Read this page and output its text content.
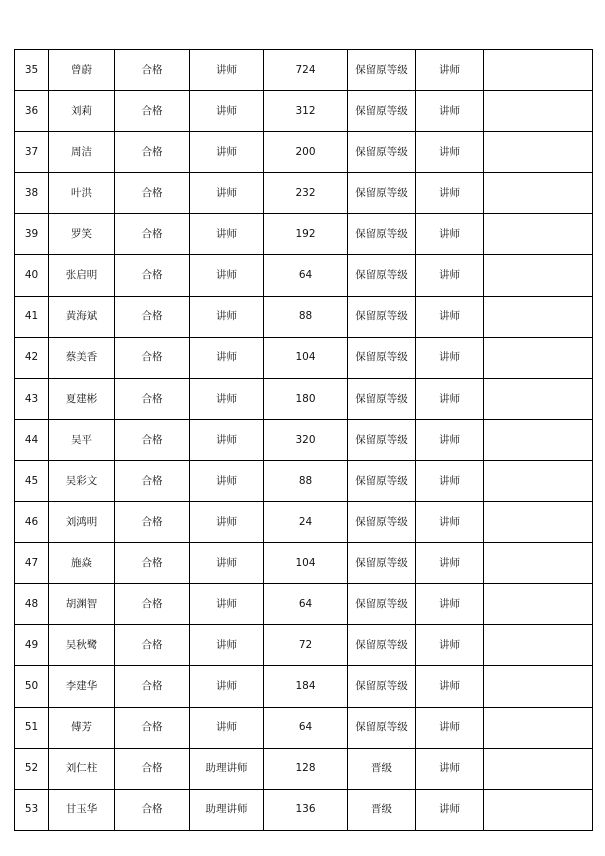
35	曾蔚	合格	讲师	724	保留原等级	讲师	
36	刘莉	合格	讲师	312	保留原等级	讲师	
37	周洁	合格	讲师	200	保留原等级	讲师	
38	叶洪	合格	讲师	232	保留原等级	讲师	
39	罗笑	合格	讲师	192	保留原等级	讲师	
40	张启明	合格	讲师	64	保留原等级	讲师	
41	黄海斌	合格	讲师	88	保留原等级	讲师	
42	蔡美香	合格	讲师	104	保留原等级	讲师	
43	夏建彬	合格	讲师	180	保留原等级	讲师	
44	吴平	合格	讲师	320	保留原等级	讲师	
45	吴彩文	合格	讲师	88	保留原等级	讲师	
46	刘鸿明	合格	讲师	24	保留原等级	讲师	
47	施焱	合格	讲师	104	保留原等级	讲师	
48	胡渊智	合格	讲师	64	保留原等级	讲师	
49	吴秋鹭	合格	讲师	72	保留原等级	讲师	
50	李建华	合格	讲师	184	保留原等级	讲师	
51	傅芳	合格	讲师	64	保留原等级	讲师	
52	刘仁柱	合格	助理讲师	128	晋级	讲师	
53	甘玉华	合格	助理讲师	136	晋级	讲师	
